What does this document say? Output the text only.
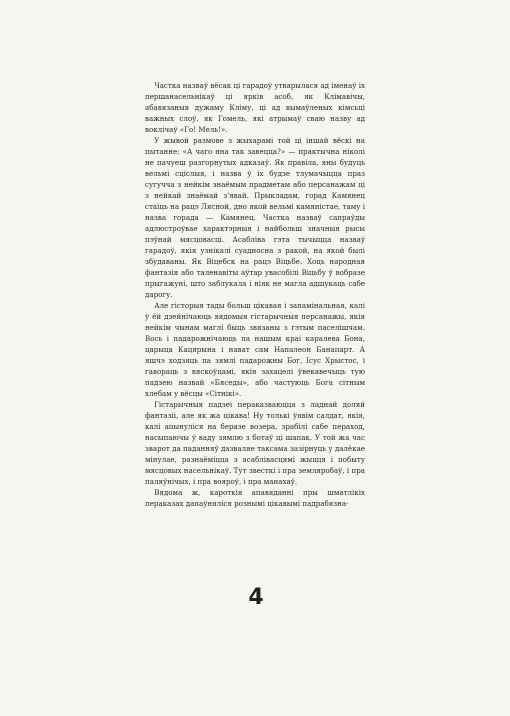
Частка назваў вёсак ці гарадоў утварылася ад іменаў іх першанасельнікаў ці ярків асоб, як Клімавічы, абавязаныя дужаму Кліму, ці ад вымаўленых кімсьці важных слоў, як Гомель, які атрымаў сваю назву ад воклічаў «Го! Мель!».

У жывой размове з жыхарамі той ці іншай вёскі на пытанне: «А чаго яна так завецца?» — практычна ніколі не пачуеш разгорнутых адказаў. Як правіла, яны будуць вельмі сціслыя, і назва ў іх будзе тлумачыцца праз сугучча з нейкім знаёмым прадметам або персанажам ці з нейкай знаёмай з'явай. Прыкладам, горад Камянец стаіць на рацэ Лясной, дно якой вельмі камяністае, таму і назва горада — Камянец. Частка назваў сапраўды адлюстроўвае характэрныя і найбольш значныя рысы пэўнай мясцовасці. Асабліва гэта тычыцца назваў гарадоў, якія узнікалі суадносна з ракой, на якой былі збудаваны. Як Віцебск на рацэ Віцьбе. Хоць народная фантазія або таленавіты аўтар увасобілі Віцьбу ў вобразе прыгажуні, што заблукала і ніяк не магла адшукаць сабе дарогу.

Але гісторыя тады больш цікавая і запамінальная, калі ў ёй дзейнічаюць вядомыя гістарычныя персанажы, якія нейкім чынам маглі быць звязаны з гэтым паселішчам. Вось і падарожнічаюць па нашым краі каралева Бона, царыца Кацярына і нават сам Напалеон Банапарт. А яшчэ ходзяць па зямлі падарожны Бог, Ісус Хрыстос, і гавораць з вяскоўцамі, якія захацелі ўвекавечыць тую падзею назвай «Бяседы», або частуюць Бога сітным хлебам у вёсцы «Сітнікі».

Гістарычныя падзеі пераказваюцца з ладнай доляй фантазіі, але як жа цікава! Ну толькі ўявім салдат, якія, калі апынуліся на беразе возера, зрабілі сабе пераход, насыпаючы ў ваду зямлю з ботаў ці шапак. У той жа час зварот да паданняў дазваляе таксама зазірнуць у далёкае мінулае, разнаёміцца з асаблівасцямі жыцця і побыту мясцовых насельнікаў. Тут звесткі і пра земляробаў, і пра паляўнічых, і пра вояроў, і пра манахаў.

Вядома ж, кароткія апавяданні пры шматлікіх пераказах дапаўняліся рознымі цікавымі падрабязна-

4
